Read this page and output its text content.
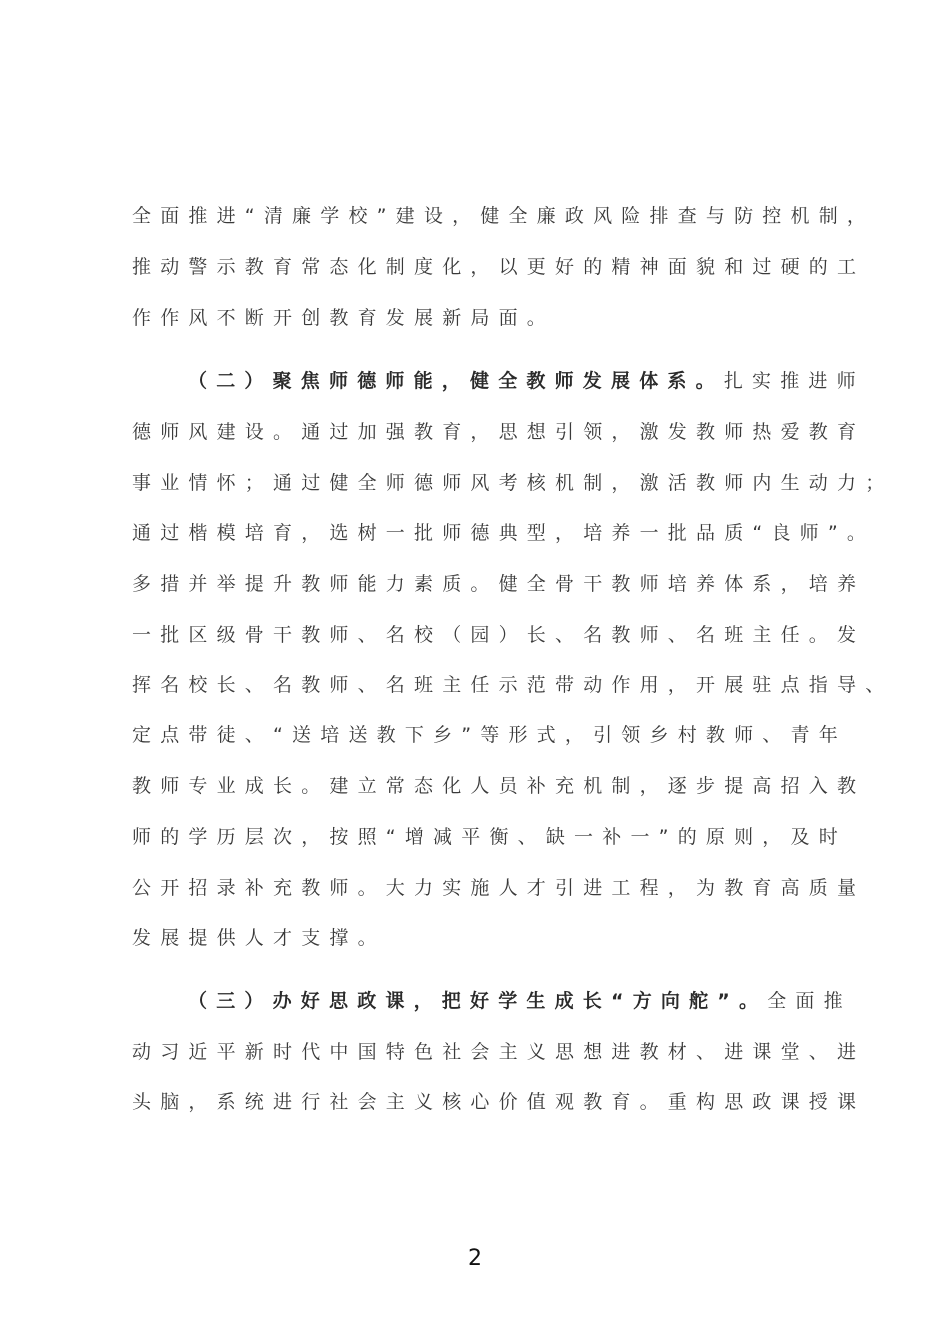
全面推进“清廉学校”建设，健全廉政风险排查与防控机制，
推动警示教育常态化制度化，以更好的精神面貌和过硬的工
作作风不断开创教育发展新局面。
（二）聚焦师德师能，健全教师发展体系。扎实推进师
德师风建设。通过加强教育，思想引领，激发教师热爱教育
事业情怀；通过健全师德师风考核机制，激活教师内生动力；
通过楷模培育，选树一批师德典型，培养一批品质“良师”。
多措并举提升教师能力素质。健全骨干教师培养体系，培养
一批区级骨干教师、名校（园）长、名教师、名班主任。发
挥名校长、名教师、名班主任示范带动作用，开展驻点指导、
定点带徒、“送培送教下乡”等形式，引领乡村教师、青年
教师专业成长。建立常态化人员补充机制，逐步提高招入教
师的学历层次，按照“增减平衡、缺一补一”的原则，及时
公开招录补充教师。大力实施人才引进工程，为教育高质量
发展提供人才支撑。
（三）办好思政课，把好学生成长“方向舵”。全面推
动习近平新时代中国特色社会主义思想进教材、进课堂、进
头脑，系统进行社会主义核心价值观教育。重构思政课授课
2
